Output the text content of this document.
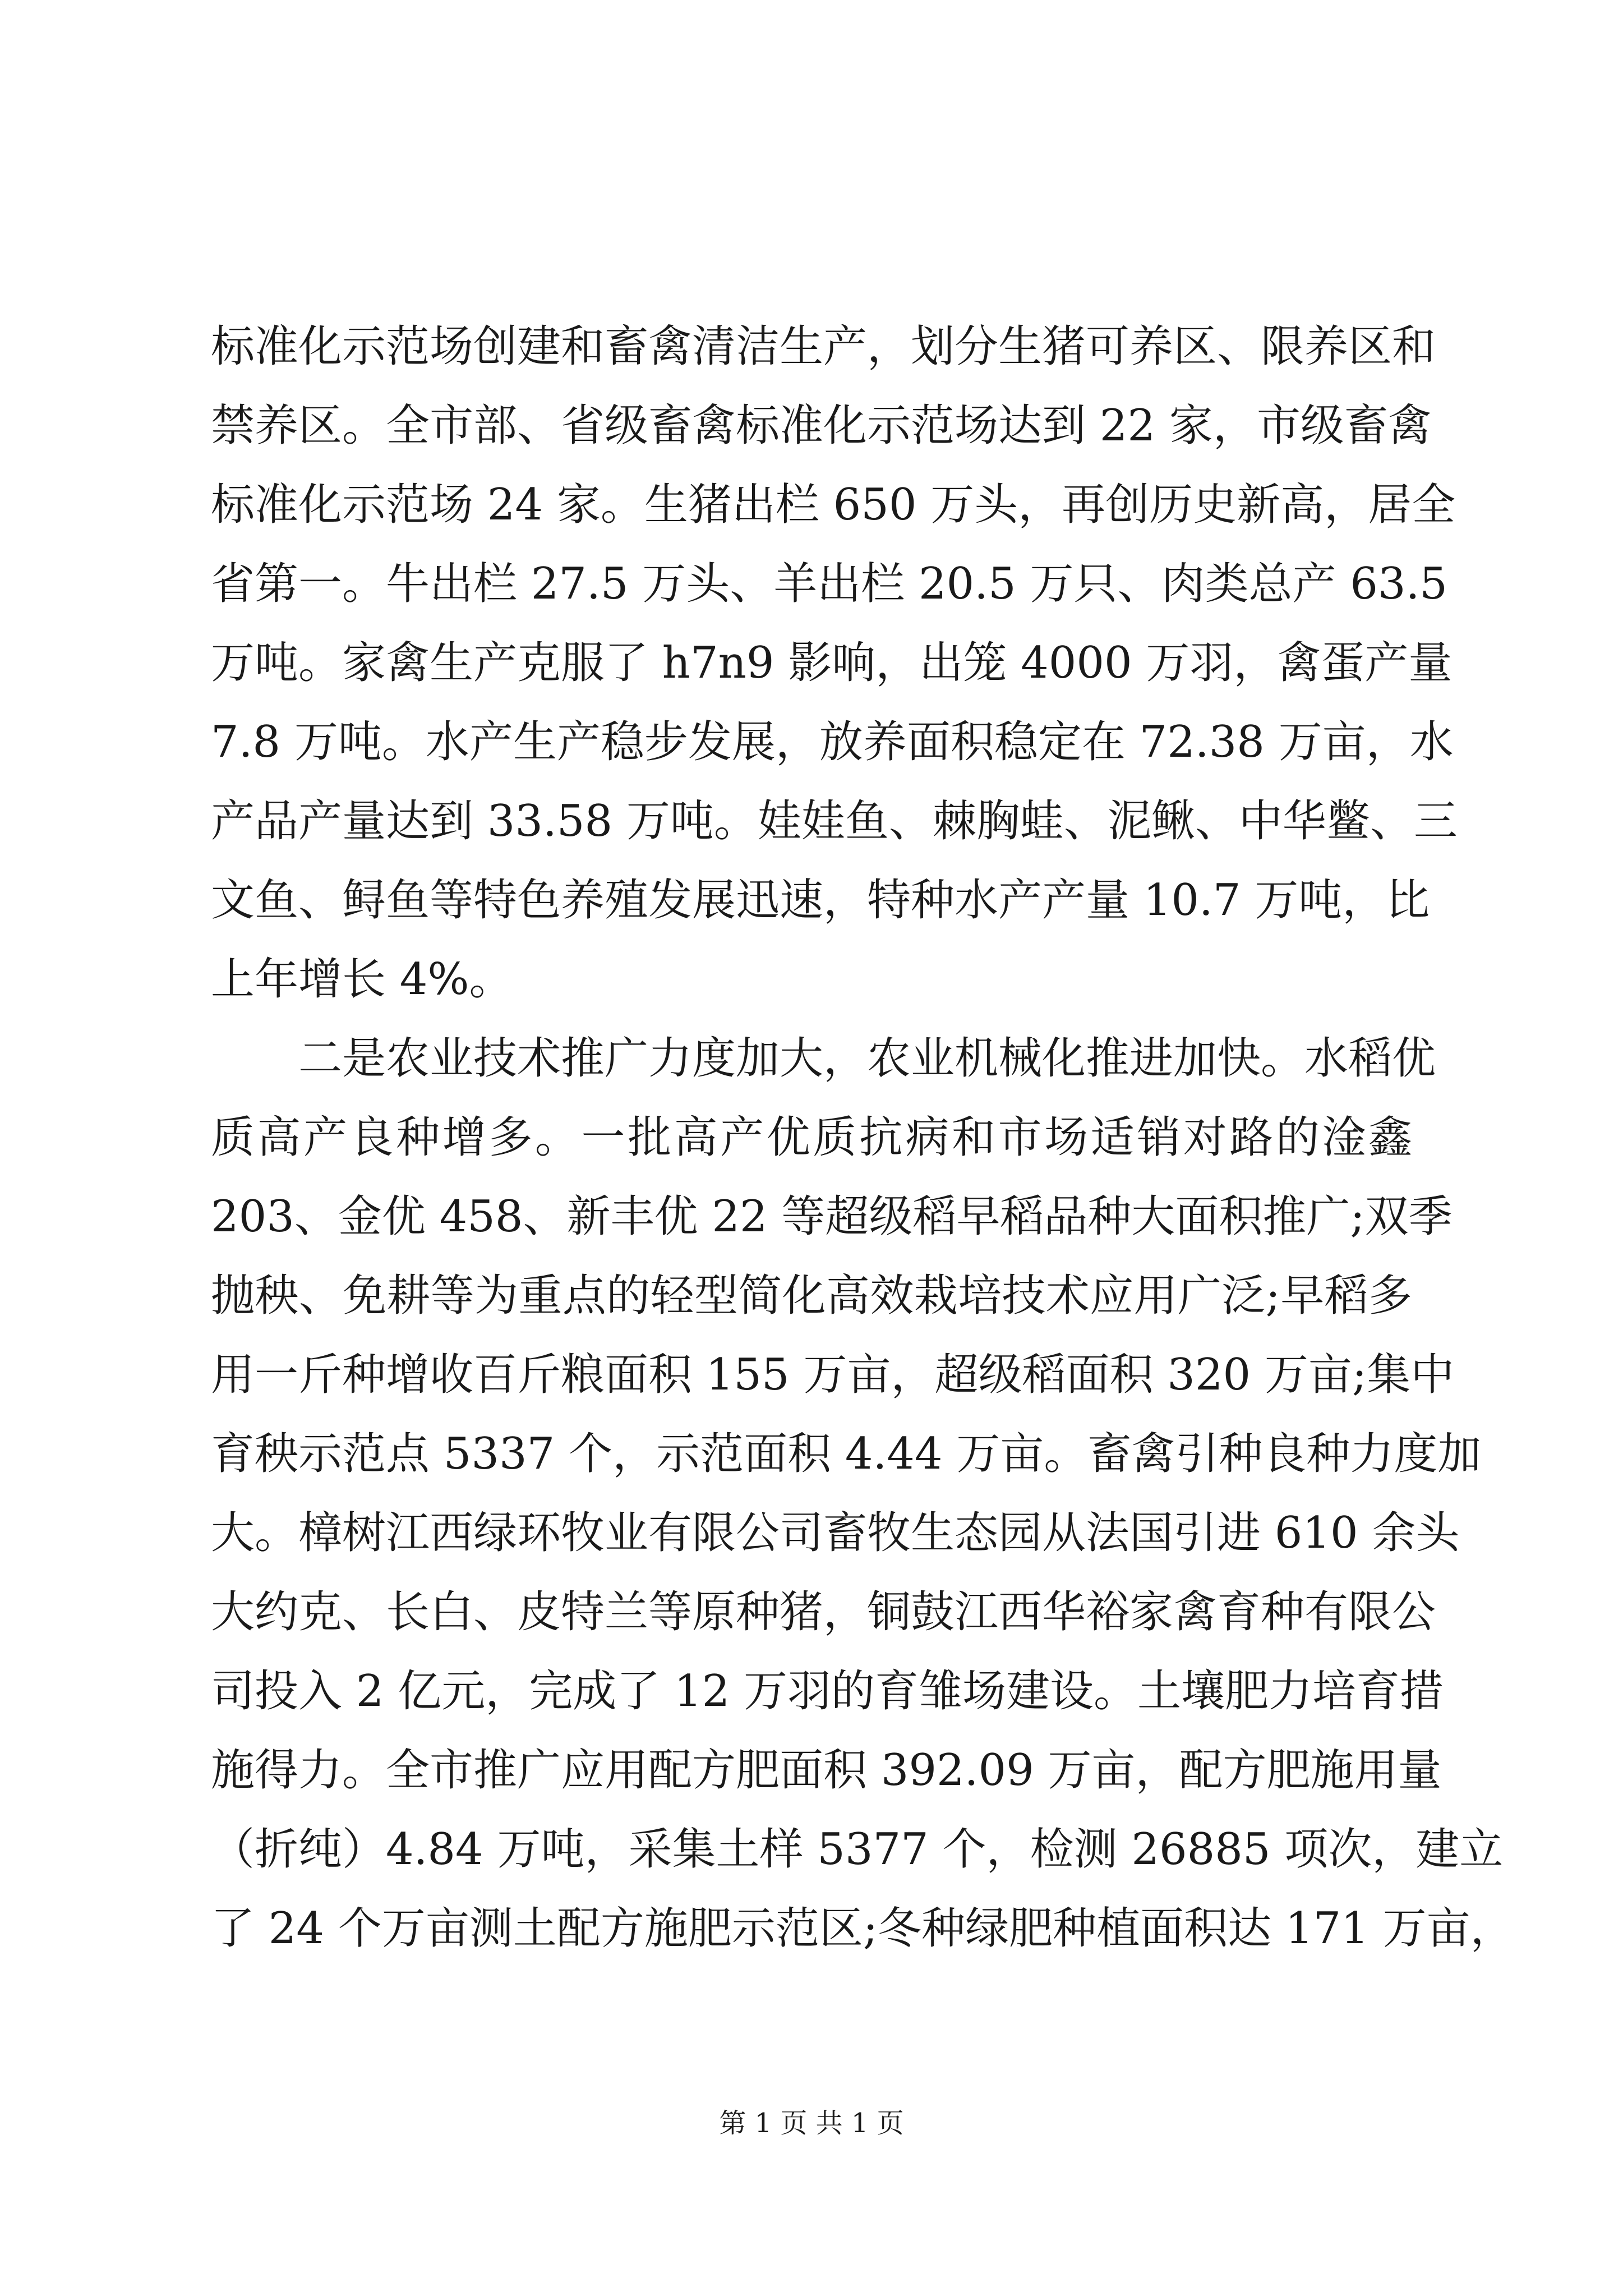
标准化示范场创建和畜禽清洁生产，划分生猪可养区、限养区和
禁养区。全市部、省级畜禽标准化示范场达到 22 家，市级畜禽
标准化示范场 24 家。生猪出栏 650 万头，再创历史新高，居全
省第一。牛出栏 27.5 万头、羊出栏 20.5 万只、肉类总产 63.5
万吨。家禽生产克服了 h7n9 影响，出笼 4000 万羽，禽蛋产量
7.8 万吨。水产生产稳步发展，放养面积稳定在 72.38 万亩，水
产品产量达到 33.58 万吨。娃娃鱼、棘胸蛙、泥鳅、中华鳖、三
文鱼、鲟鱼等特色养殖发展迅速，特种水产产量 10.7 万吨，比
上年增长 4%。
二是农业技术推广力度加大，农业机械化推进加快。水稻优
质高产良种增多。一批高产优质抗病和市场适销对路的淦鑫
203、金优 458、新丰优 22 等超级稻早稻品种大面积推广;双季
抛秧、免耕等为重点的轻型简化高效栽培技术应用广泛;早稻多
用一斤种增收百斤粮面积 155 万亩，超级稻面积 320 万亩;集中
育秧示范点 5337 个，示范面积 4.44 万亩。畜禽引种良种力度加
大。樟树江西绿环牧业有限公司畜牧生态园从法国引进 610 余头
大约克、长白、皮特兰等原种猪，铜鼓江西华裕家禽育种有限公
司投入 2 亿元，完成了 12 万羽的育雏场建设。土壤肥力培育措
施得力。全市推广应用配方肥面积 392.09 万亩，配方肥施用量
（折纯）4.84 万吨，采集土样 5377 个，检测 26885 项次，建立
了 24 个万亩测土配方施肥示范区;冬种绿肥种植面积达 171 万亩，
第 1 页 共 1 页
